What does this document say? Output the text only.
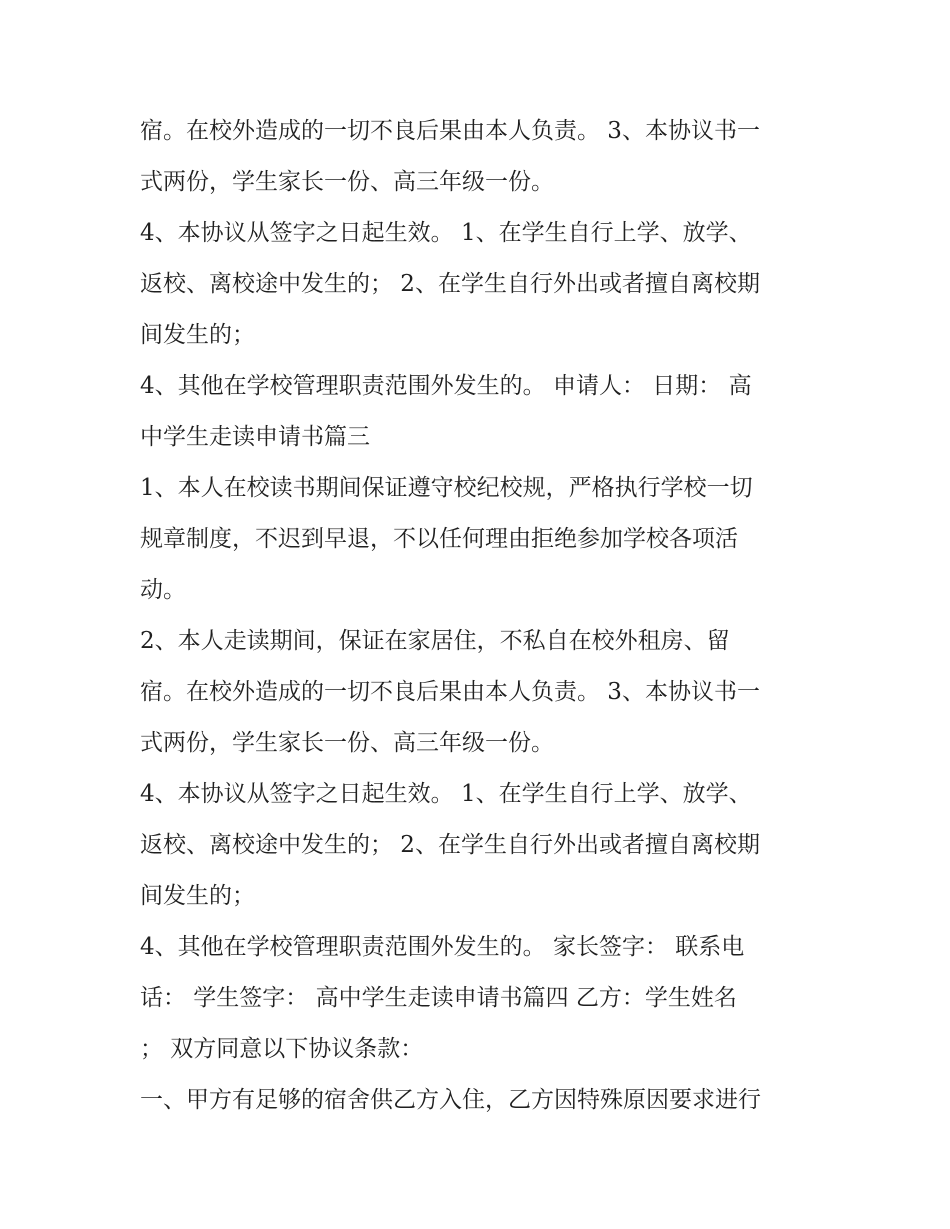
宿。在校外造成的一切不良后果由本人负责。 3、本协议书一
式两份，学生家长一份、高三年级一份。
4、本协议从签字之日起生效。 1、在学生自行上学、放学、
返校、离校途中发生的； 2、在学生自行外出或者擅自离校期
间发生的；
4、其他在学校管理职责范围外发生的。 申请人： 日期： 高
中学生走读申请书篇三
1、本人在校读书期间保证遵守校纪校规，严格执行学校一切
规章制度，不迟到早退，不以任何理由拒绝参加学校各项活
动。
2、本人走读期间，保证在家居住，不私自在校外租房、留
宿。在校外造成的一切不良后果由本人负责。 3、本协议书一
式两份，学生家长一份、高三年级一份。
4、本协议从签字之日起生效。 1、在学生自行上学、放学、
返校、离校途中发生的； 2、在学生自行外出或者擅自离校期
间发生的；
4、其他在学校管理职责范围外发生的。 家长签字： 联系电
话： 学生签字： 高中学生走读申请书篇四 乙方：学生姓名
； 双方同意以下协议条款：
一、甲方有足够的宿舍供乙方入住，乙方因特殊原因要求进行
